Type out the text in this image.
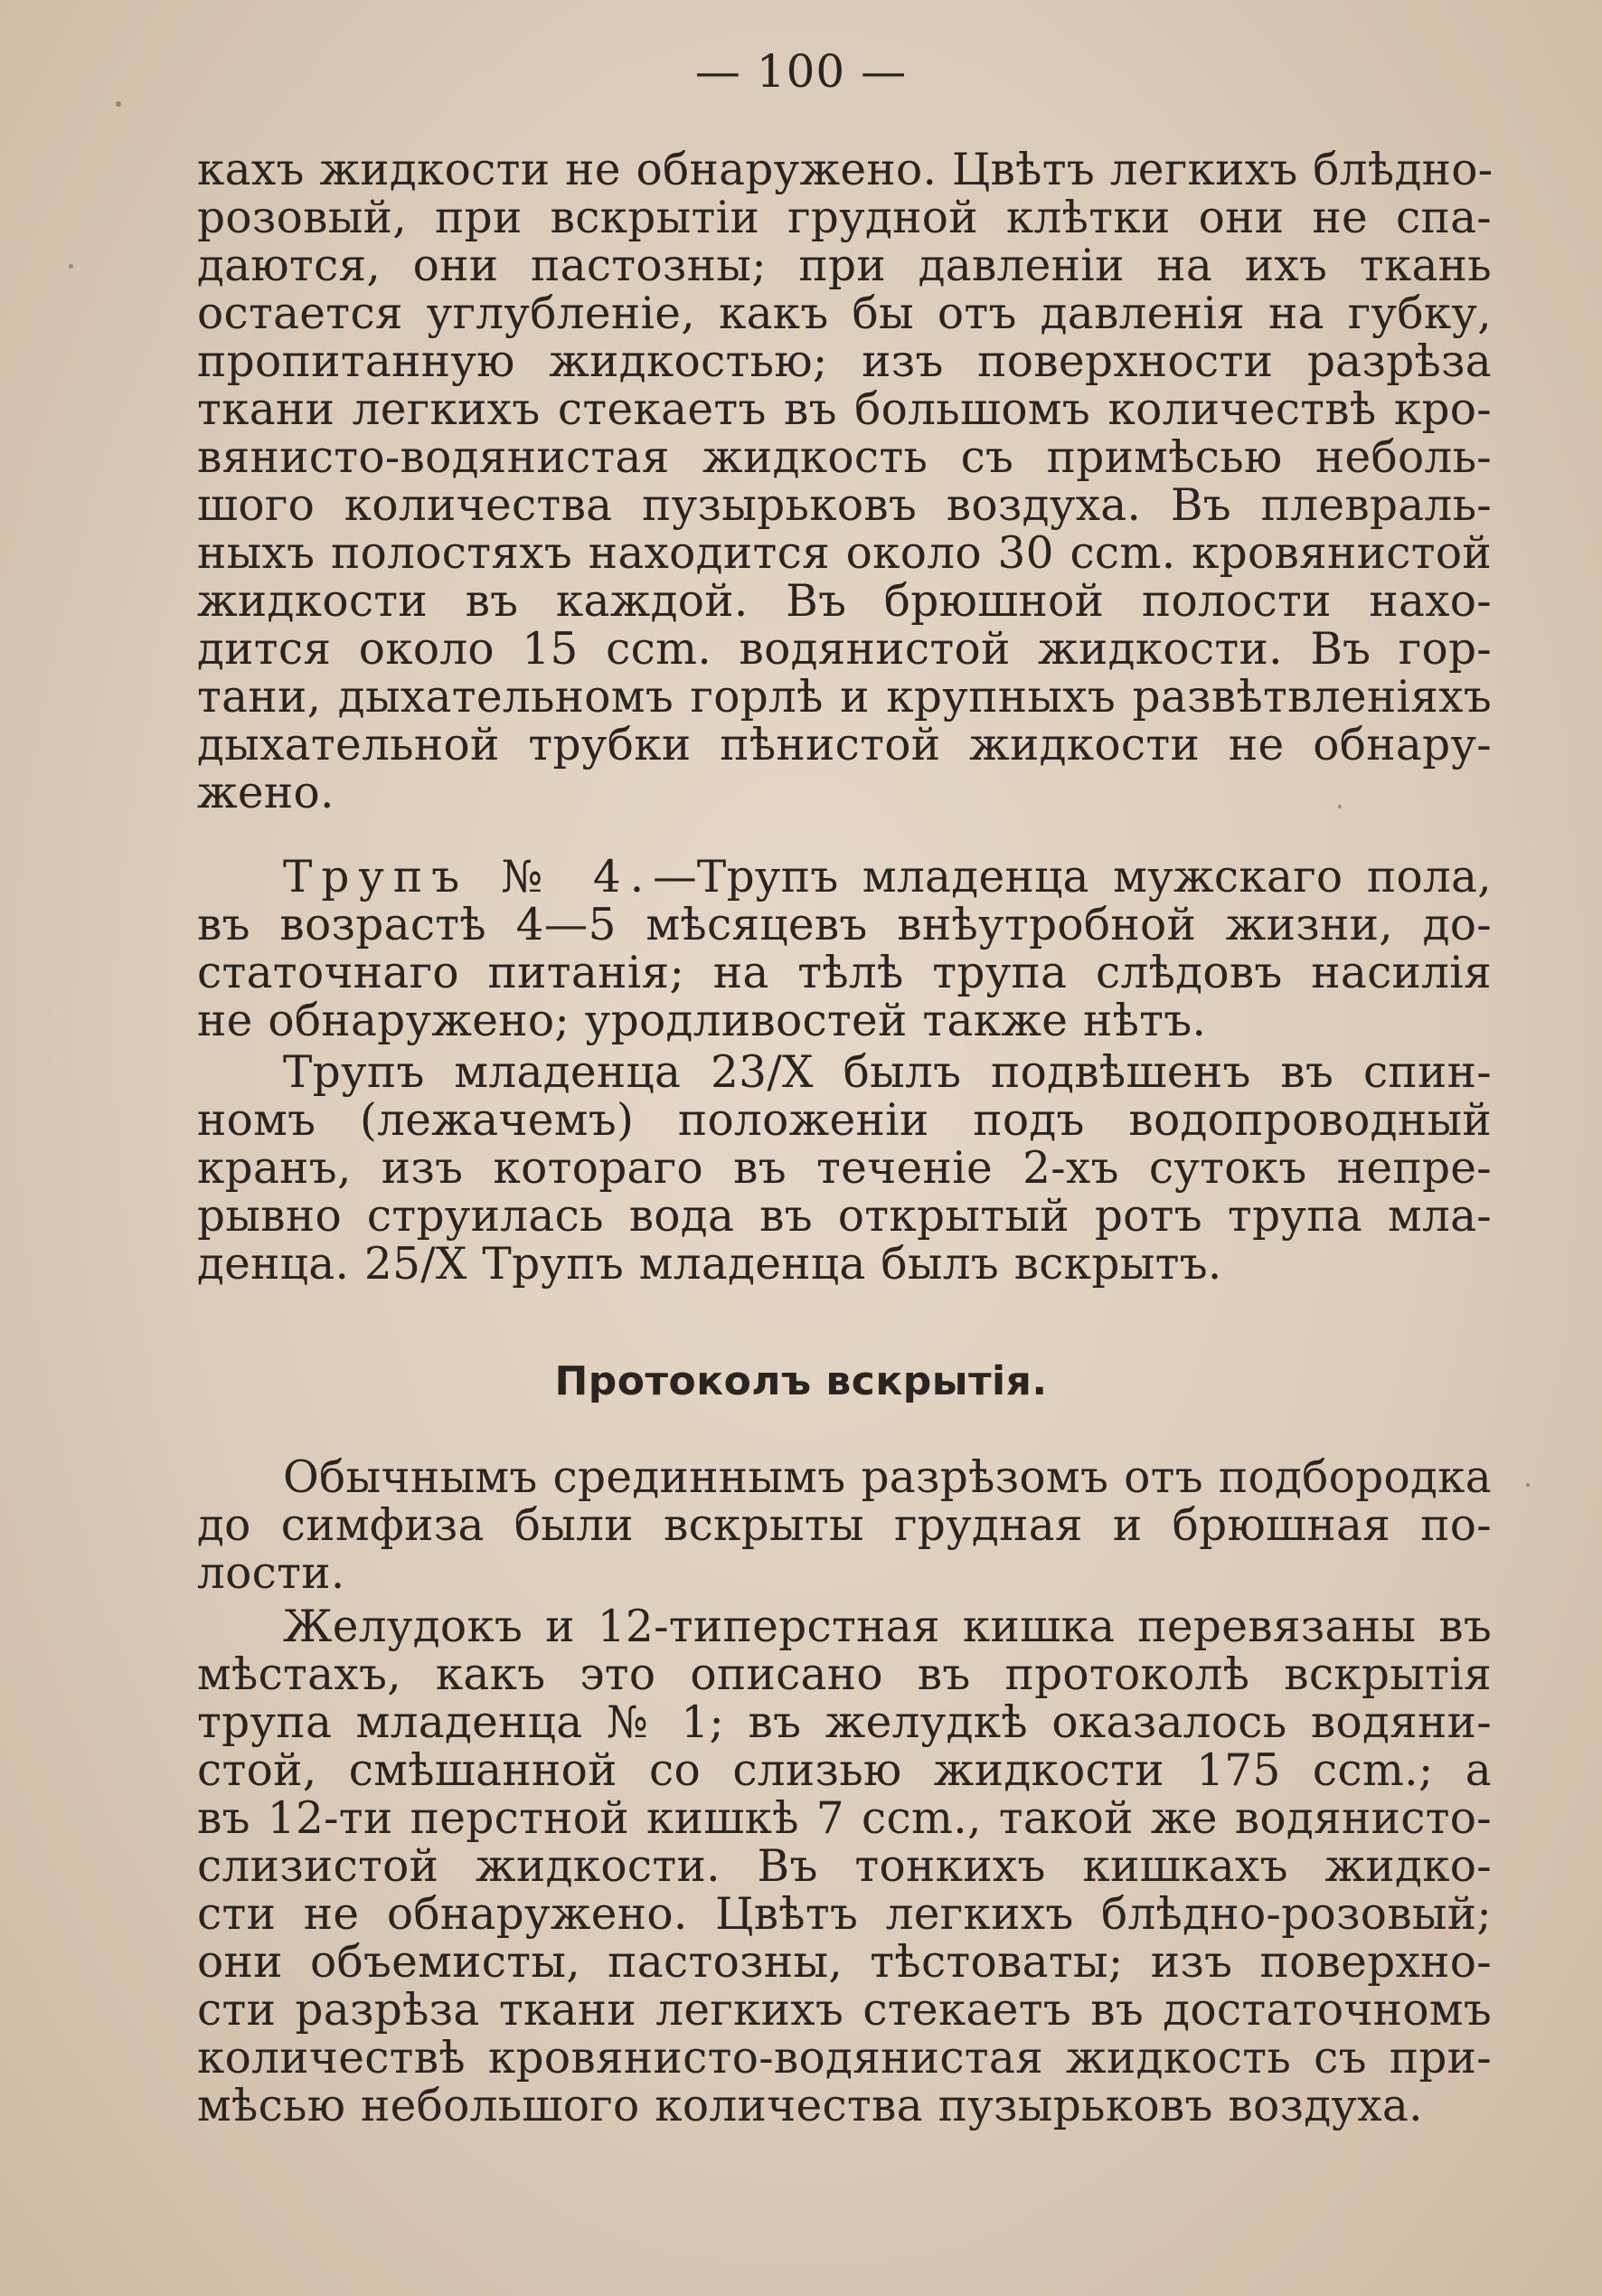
— 100 —
кахъ жидкости не обнаружено. Цвѣтъ легкихъ блѣдно-
розовый, при вскрытіи грудной клѣтки они не спа-
даются, они пастозны; при давленіи на ихъ ткань
остается углубленіе, какъ бы отъ давленія на губку,
пропитанную жидкостью; изъ поверхности разрѣза
ткани легкихъ стекаетъ въ большомъ количествѣ кро-
вянисто-водянистая жидкость съ примѣсью неболь-
шого количества пузырьковъ воздуха. Въ плевраль-
ныхъ полостяхъ находится около 30 cсm. кровянистой
жидкости въ каждой. Въ брюшной полости нахо-
дится около 15 cсm. водянистой жидкости. Въ гор-
тани, дыхательномъ горлѣ и крупныхъ развѣтвленіяхъ
дыхательной трубки пѣнистой жидкости не обнару-
жено.
Трупъ № 4.—Трупъ младенца мужскаго пола,
въ возрастѣ 4—5 мѣсяцевъ внѣутробной жизни, до-
статочнаго питанія; на тѣлѣ трупа слѣдовъ насилія
не обнаружено; уродливостей также нѣтъ.
Трупъ младенца 23/X былъ подвѣшенъ въ спин-
номъ (лежачемъ) положеніи подъ водопроводный
кранъ, изъ котораго въ теченіе 2-хъ сутокъ непре-
рывно струилась вода въ открытый ротъ трупа мла-
денца. 25/X Трупъ младенца былъ вскрытъ.
Протоколъ вскрытія.
Обычнымъ срединнымъ разрѣзомъ отъ подбородка
до симфиза были вскрыты грудная и брюшная по-
лости.
Желудокъ и 12-типерстная кишка перевязаны въ
мѣстахъ, какъ это описано въ протоколѣ вскрытія
трупа младенца № 1; въ желудкѣ оказалось водяни-
стой, смѣшанной со слизью жидкости 175 cсm.; а
въ 12-ти перстной кишкѣ 7 cсm., такой же водянисто-
слизистой жидкости. Въ тонкихъ кишкахъ жидко-
сти не обнаружено. Цвѣтъ легкихъ блѣдно-розовый;
они объемисты, пастозны, тѣстоваты; изъ поверхно-
сти разрѣза ткани легкихъ стекаетъ въ достаточномъ
количествѣ кровянисто-водянистая жидкость съ при-
мѣсью небольшого количества пузырьковъ воздуха.
